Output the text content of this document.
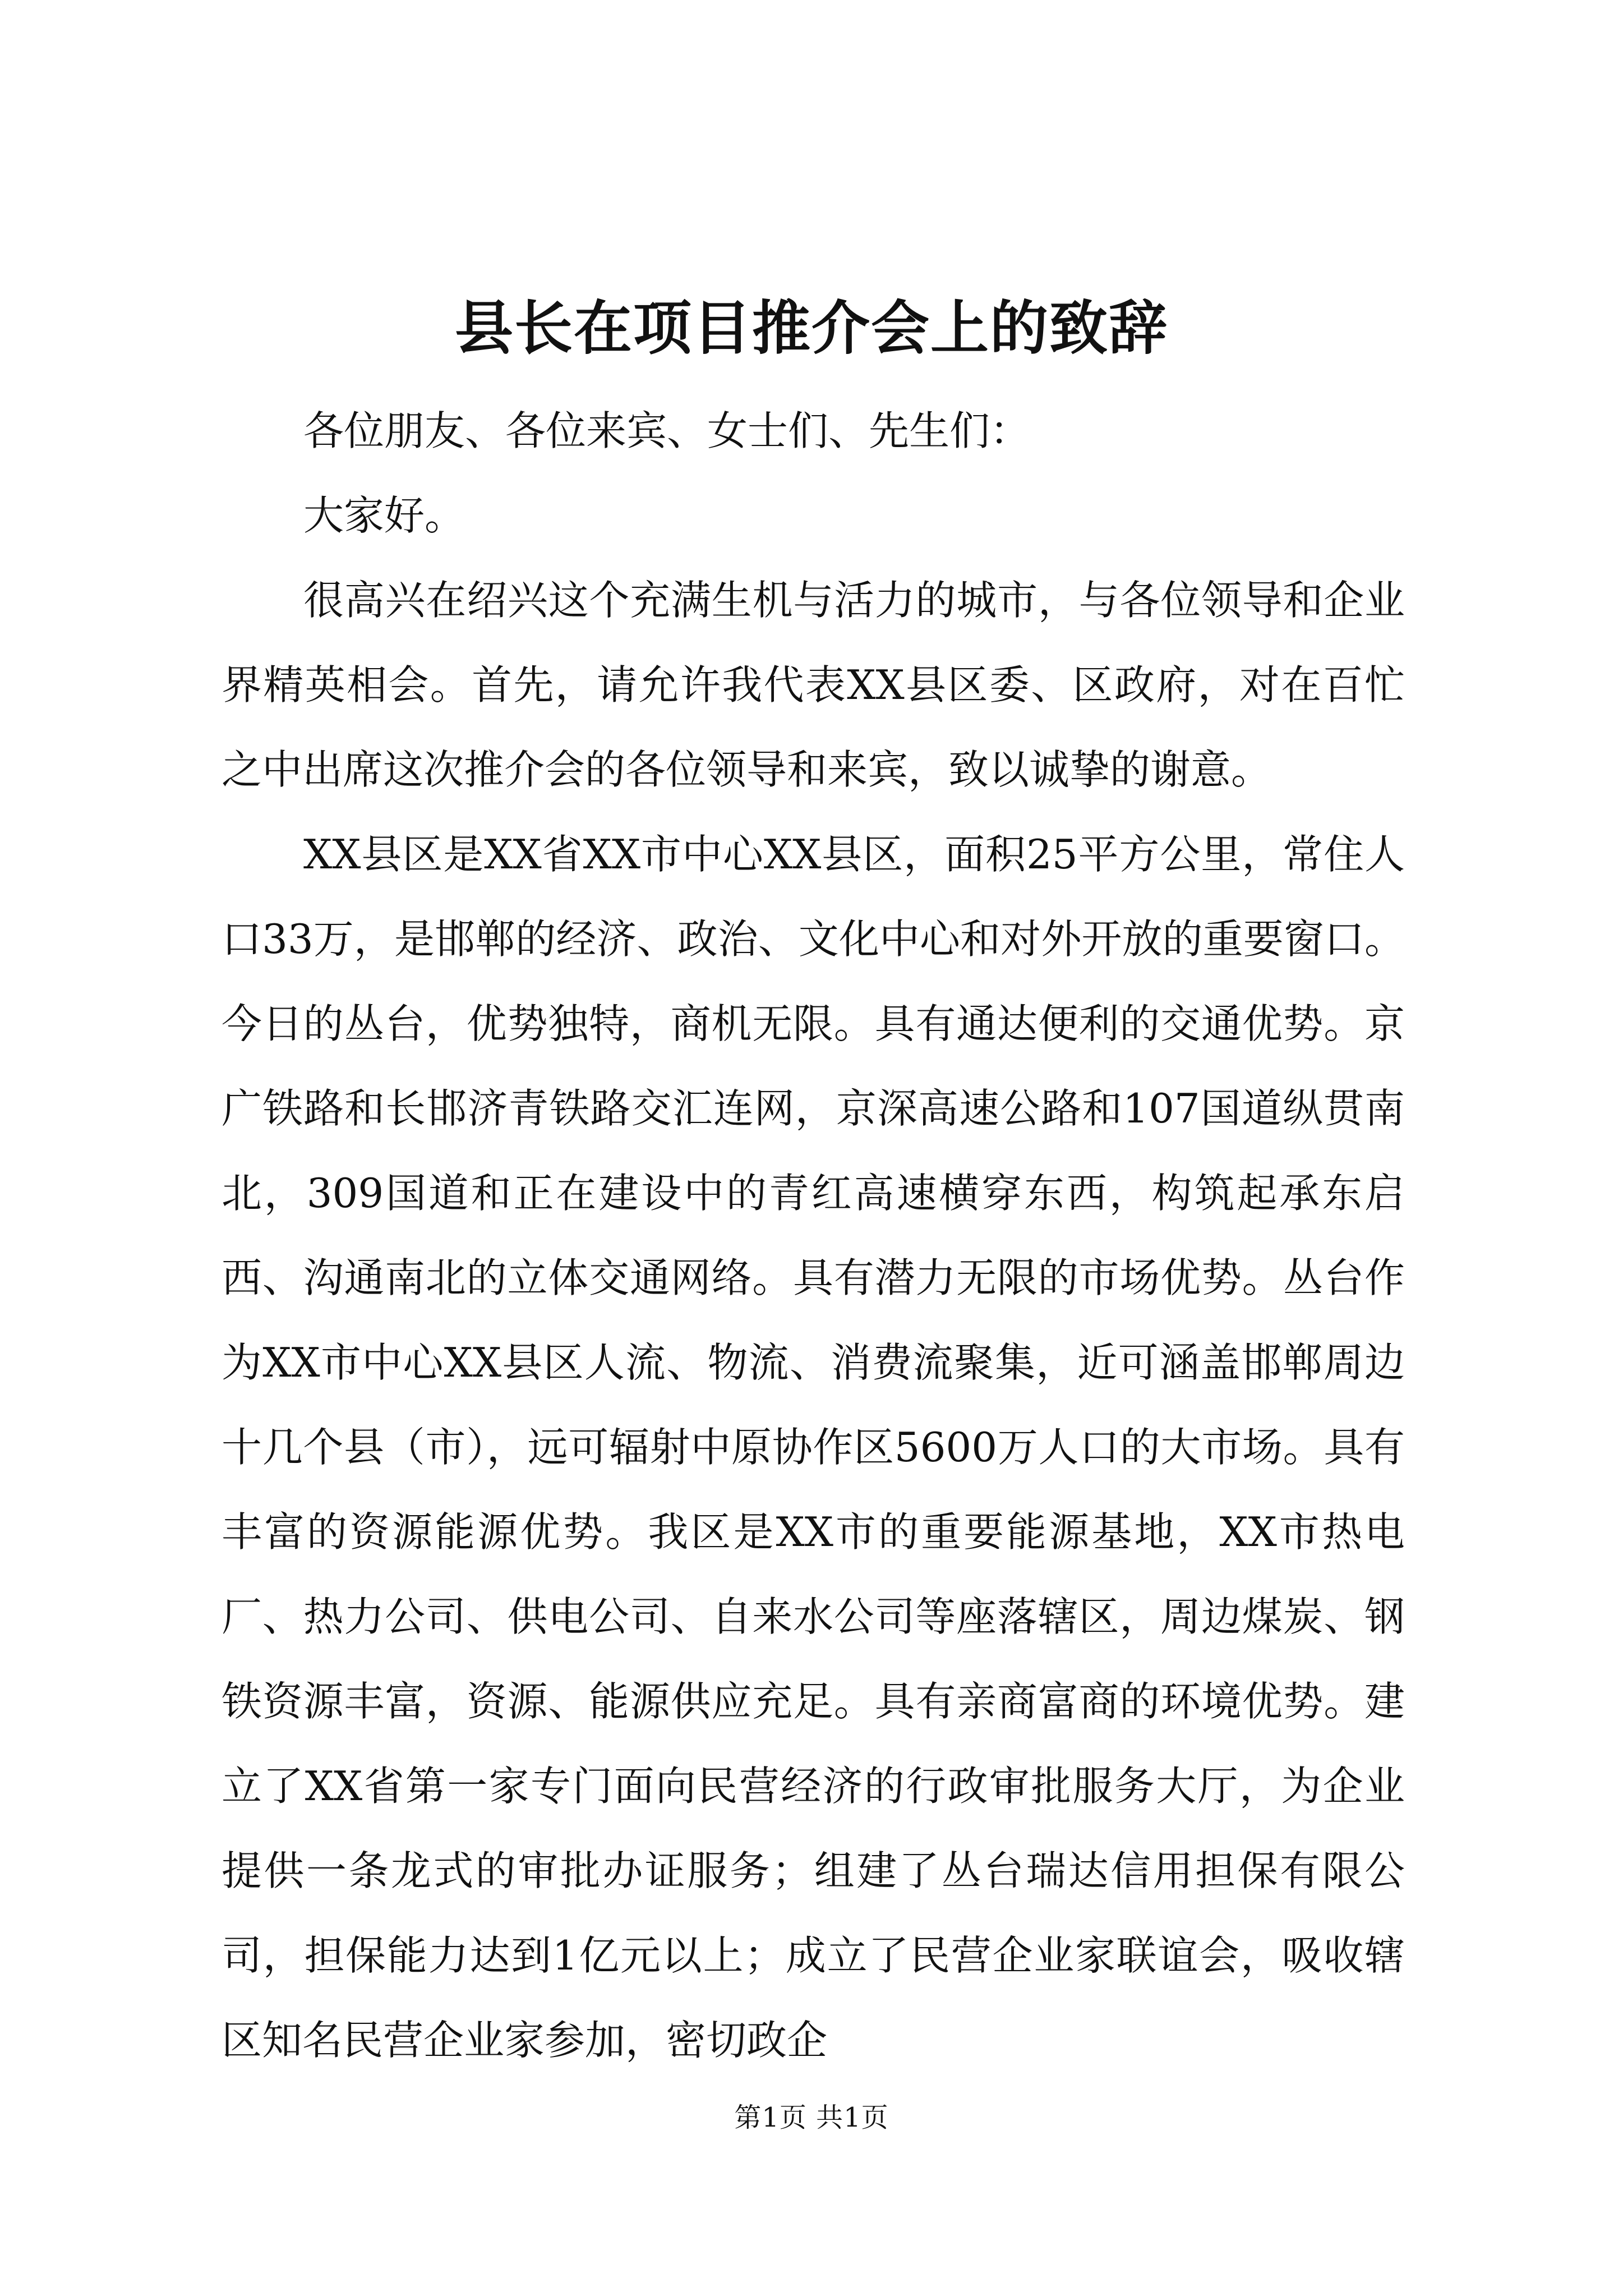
县长在项目推介会上的致辞

各位朋友、各位来宾、女士们、先生们：

大家好。

很高兴在绍兴这个充满生机与活力的城市，与各位领导和企业界精英相会。首先，请允许我代表XX县区委、区政府，对在百忙之中出席这次推介会的各位领导和来宾，致以诚挚的谢意。

XX县区是XX省XX市中心XX县区，面积25平方公里，常住人口33万，是邯郸的经济、政治、文化中心和对外开放的重要窗口。今日的丛台，优势独特，商机无限。具有通达便利的交通优势。京广铁路和长邯济青铁路交汇连网，京深高速公路和107国道纵贯南北，309国道和正在建设中的青红高速横穿东西，构筑起承东启西、沟通南北的立体交通网络。具有潜力无限的市场优势。丛台作为XX市中心XX县区人流、物流、消费流聚集，近可涵盖邯郸周边十几个县（市），远可辐射中原协作区5600万人口的大市场。具有丰富的资源能源优势。我区是XX市的重要能源基地，XX市热电厂、热力公司、供电公司、自来水公司等座落辖区，周边煤炭、钢铁资源丰富，资源、能源供应充足。具有亲商富商的环境优势。建立了XX省第一家专门面向民营经济的行政审批服务大厅，为企业提供一条龙式的审批办证服务；组建了丛台瑞达信用担保有限公司，担保能力达到1亿元以上；成立了民营企业家联谊会，吸收辖区知名民营企业家参加，密切政企

第1页 共1页
